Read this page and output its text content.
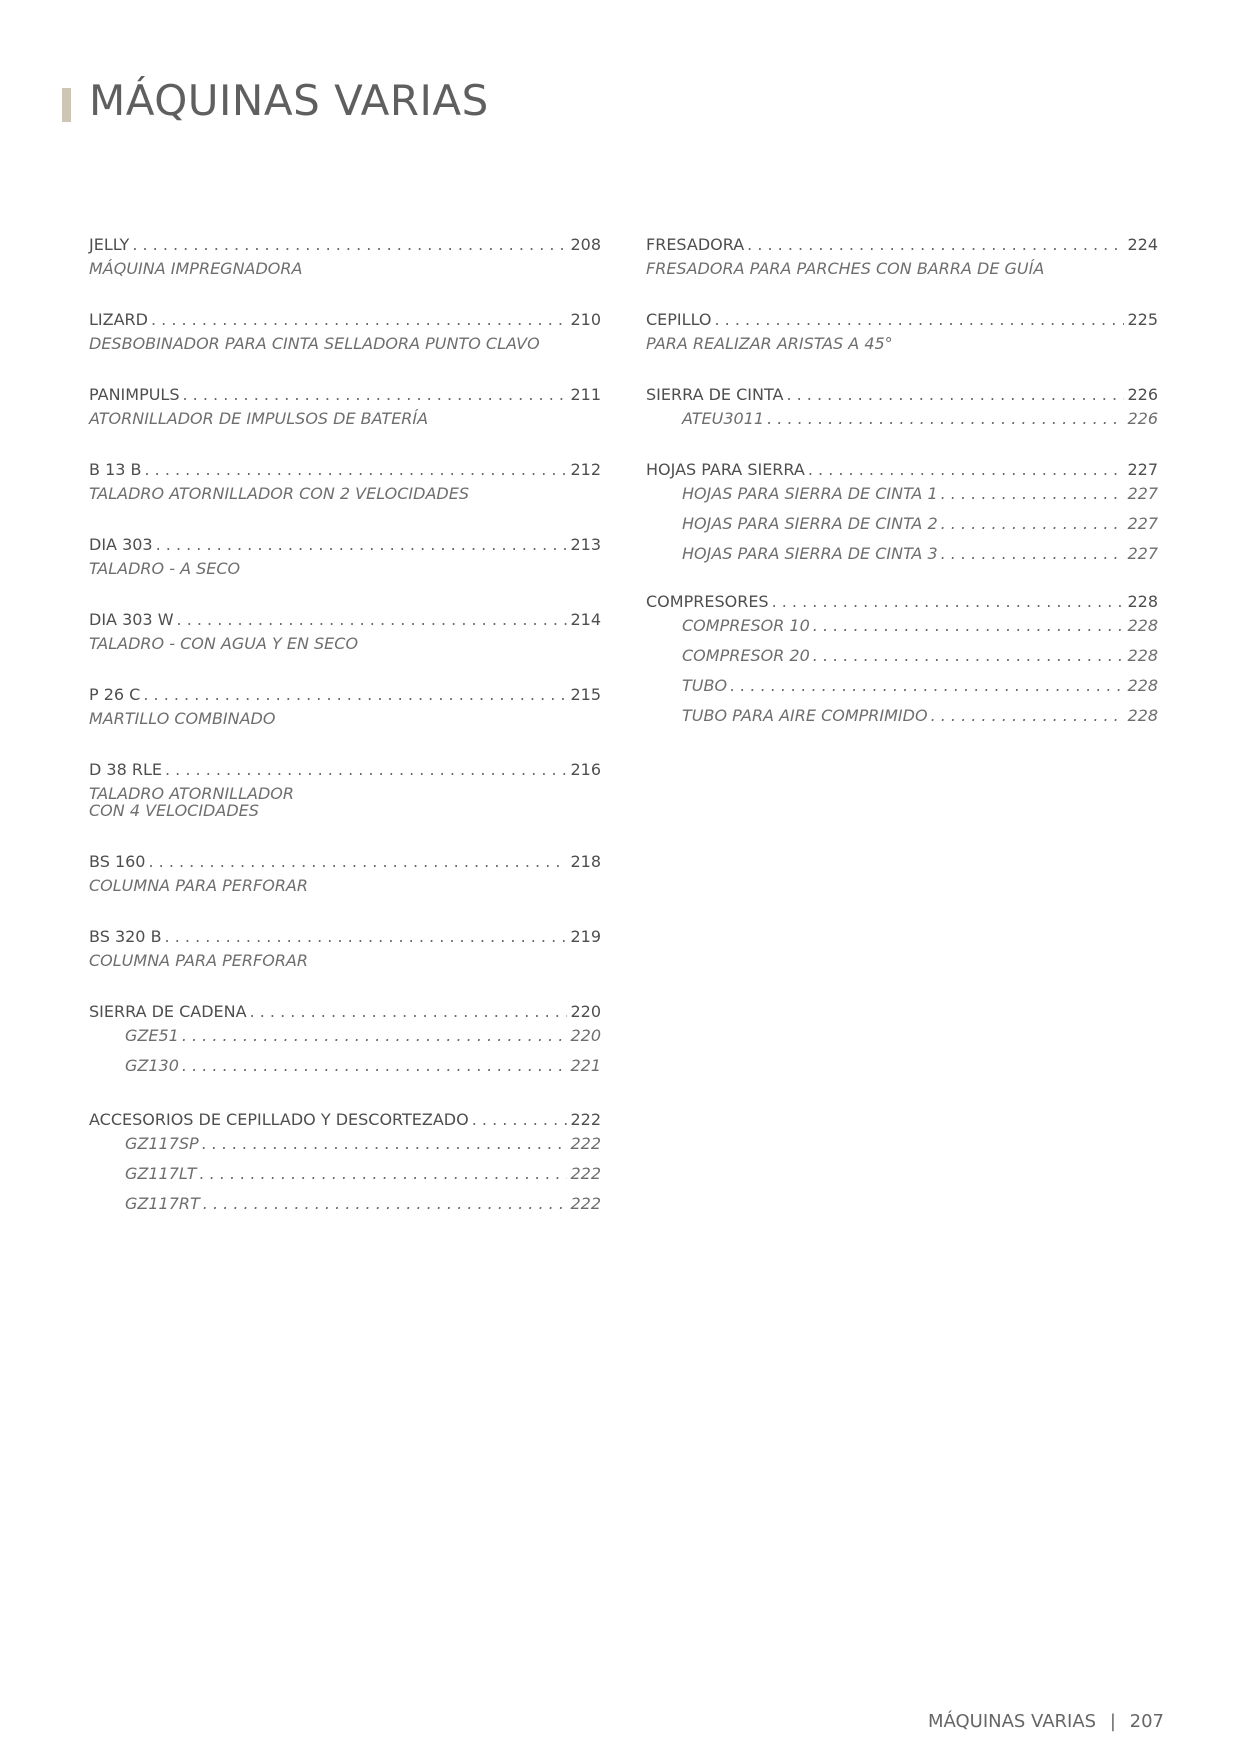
MÁQUINAS VARIAS
JELLY . . .	208
MÁQUINA IMPREGNADORA
LIZARD . . .	210
DESBOBINADOR PARA CINTA SELLADORA PUNTO CLAVO
PANIMPULS . . .	211
ATORNILLADOR DE IMPULSOS DE BATERÍA
B 13 B . . .	212
TALADRO ATORNILLADOR CON 2 VELOCIDADES
DIA 303 . . .	213
TALADRO - A SECO
DIA 303 W . . .	214
TALADRO - CON AGUA Y EN SECO
P 26 C . . .	215
MARTILLO COMBINADO
D 38 RLE . . .	216
TALADRO ATORNILLADOR
CON 4 VELOCIDADES
BS 160 . . .	218
COLUMNA PARA PERFORAR
BS 320 B . . .	219
COLUMNA PARA PERFORAR
SIERRA DE CADENA . . .	220
GZE51 . . .	220
GZ130 . . .	221
ACCESORIOS DE CEPILLADO Y DESCORTEZADO . . .	222
GZ117SP . . .	222
GZ117LT . . .	222
GZ117RT . . .	222
FRESADORA . . .	224
FRESADORA PARA PARCHES CON BARRA DE GUÍA
CEPILLO . . .	225
PARA REALIZAR ARISTAS A 45°
SIERRA DE CINTA . . .	226
ATEU3011 . . .	226
HOJAS PARA SIERRA . . .	227
HOJAS PARA SIERRA DE CINTA 1 . . .	227
HOJAS PARA SIERRA DE CINTA 2 . . .	227
HOJAS PARA SIERRA DE CINTA 3 . . .	227
COMPRESORES . . .	228
COMPRESOR 10 . . .	228
COMPRESOR 20 . . .	228
TUBO . . .	228
TUBO PARA AIRE COMPRIMIDO . . .	228
MÁQUINAS VARIAS | 207
